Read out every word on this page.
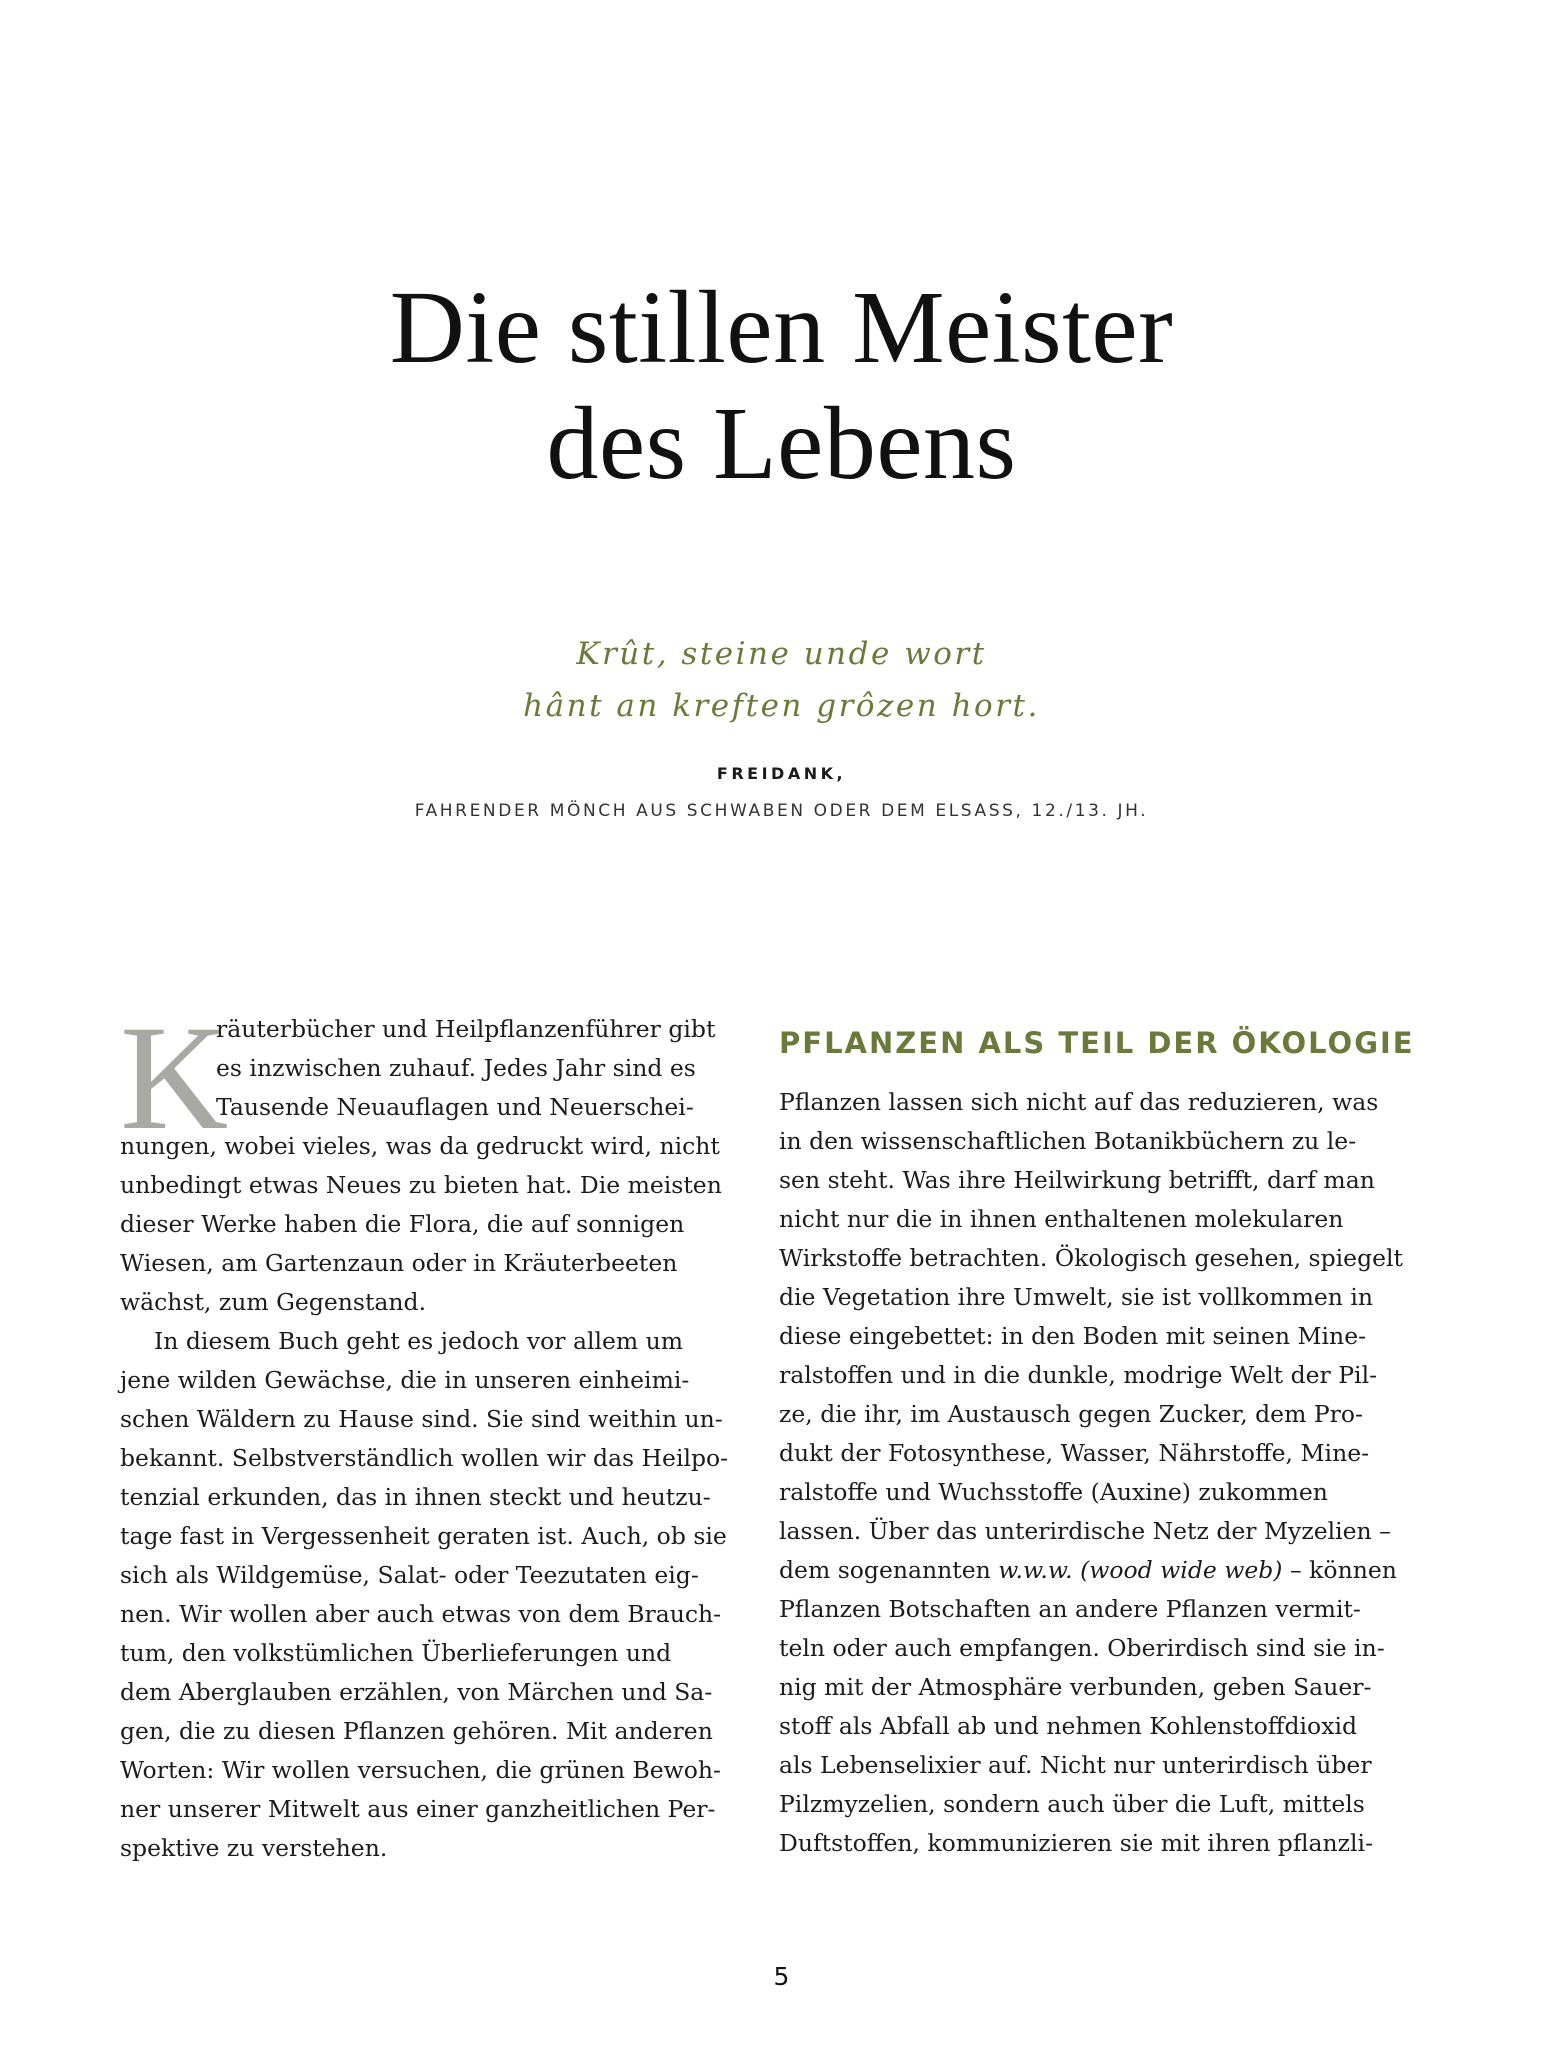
Die stillen Meister
des Lebens
Krût, steine unde wort
hânt an kreften grôzen hort.
FREIDANK,
FAHRENDER MÖNCH AUS SCHWABEN ODER DEM ELSASS, 12./13. JH.
K
räuterbücher und Heilpflanzenführer gibt
es inzwischen zuhauf. Jedes Jahr sind es
Tausende Neuauflagen und Neuerschei-
nungen, wobei vieles, was da gedruckt wird, nicht
unbedingt etwas Neues zu bieten hat. Die meisten
dieser Werke haben die Flora, die auf sonnigen
Wiesen, am Gartenzaun oder in Kräuterbeeten
wächst, zum Gegenstand.
In diesem Buch geht es jedoch vor allem um
jene wilden Gewächse, die in unseren einheimi-
schen Wäldern zu Hause sind. Sie sind weithin un-
bekannt. Selbstverständlich wollen wir das Heilpo-
tenzial erkunden, das in ihnen steckt und heutzu-
tage fast in Vergessenheit geraten ist. Auch, ob sie
sich als Wildgemüse, Salat- oder Teezutaten eig-
nen. Wir wollen aber auch etwas von dem Brauch-
tum, den volkstümlichen Überlieferungen und
dem Aberglauben erzählen, von Märchen und Sa-
gen, die zu diesen Pflanzen gehören. Mit anderen
Worten: Wir wollen versuchen, die grünen Bewoh-
ner unserer Mitwelt aus einer ganzheitlichen Per-
spektive zu verstehen.
PFLANZEN ALS TEIL DER ÖKOLOGIE
Pflanzen lassen sich nicht auf das reduzieren, was
in den wissenschaftlichen Botanikbüchern zu le-
sen steht. Was ihre Heilwirkung betrifft, darf man
nicht nur die in ihnen enthaltenen molekularen
Wirkstoffe betrachten. Ökologisch gesehen, spiegelt
die Vegetation ihre Umwelt, sie ist vollkommen in
diese eingebettet: in den Boden mit seinen Mine-
ralstoffen und in die dunkle, modrige Welt der Pil-
ze, die ihr, im Austausch gegen Zucker, dem Pro-
dukt der Fotosynthese, Wasser, Nährstoffe, Mine-
ralstoffe und Wuchsstoffe (Auxine) zukommen
lassen. Über das unterirdische Netz der Myzelien –
dem sogenannten w.w.w. (wood wide web) – können
Pflanzen Botschaften an andere Pflanzen vermit-
teln oder auch empfangen. Oberirdisch sind sie in-
nig mit der Atmosphäre verbunden, geben Sauer-
stoff als Abfall ab und nehmen Kohlenstoffdioxid
als Lebenselixier auf. Nicht nur unterirdisch über
Pilzmyzelien, sondern auch über die Luft, mittels
Duftstoffen, kommunizieren sie mit ihren pflanzli-
5
